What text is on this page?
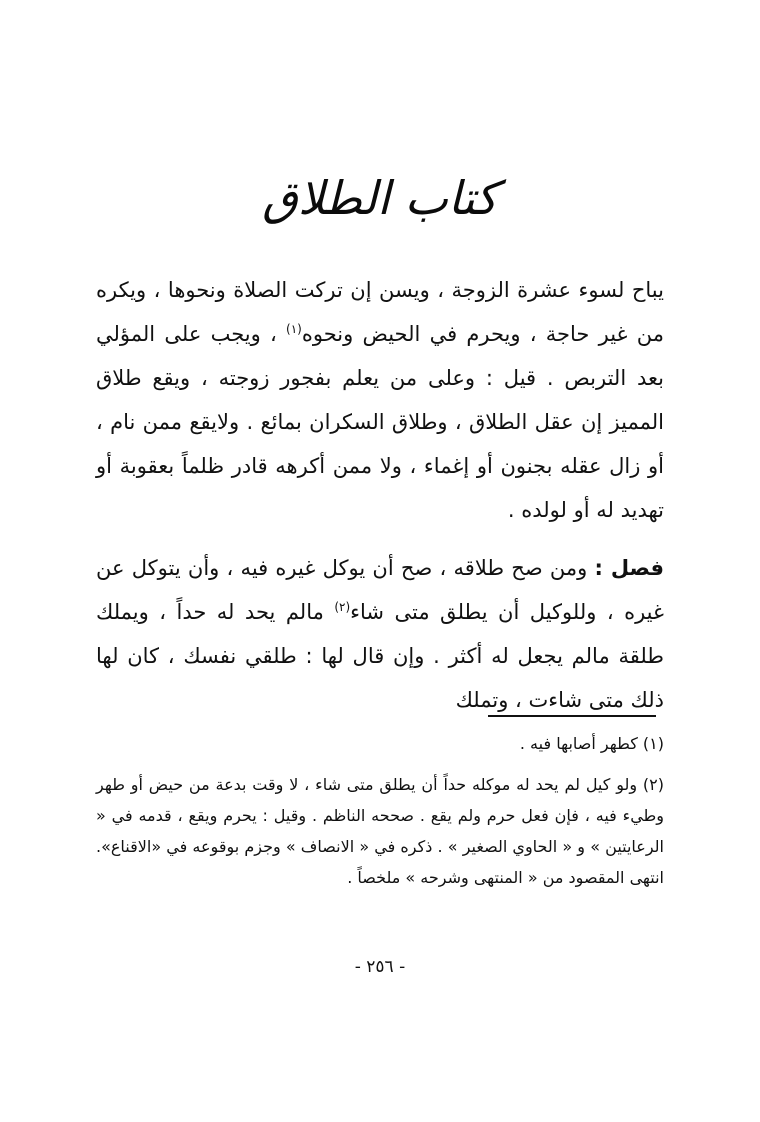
كتاب الطلاق

يباح لسوء عشرة الزوجة ، ويسن إن تركت الصلاة ونحوها ، ويكره من غير حاجة ، ويحرم في الحيض ونحوه$^{(١)}$ ، ويجب على المؤلي بعد التربص . قيل : وعلى من يعلم بفجور زوجته ، ويقع طلاق المميز إن عقل الطلاق ، وطلاق السكران بمائع . ولايقع ممن نام ، أو زال عقله بجنون أو إغماء ، ولا ممن أكرهه قادر ظلماً بعقوبة أو تهديد له أو لولده .

فصل : ومن صح طلاقه ، صح أن يوكل غيره فيه ، وأن يتوكل عن غيره ، وللوكيل أن يطلق متى شاء$^{(٢)}$ مالم يحد له حداً ، ويملك طلقة مالم يجعل له أكثر . وإن قال لها : طلقي نفسك ، كان لها ذلك متى شاءت ، وتملك

(١) كطهر أصابها فيه .

(٢) ولو كيل لم يحد له موكله حداً أن يطلق متى شاء ، لا وقت بدعة من حيض أو طهر وطيء فيه ، فإن فعل حرم ولم يقع . صححه الناظم . وقيل : يحرم ويقع ، قدمه في « الرعايتين » و « الحاوي الصغير » . ذكره في « الانصاف » وجزم بوقوعه في «الاقناع». انتهى المقصود من « المنتهى وشرحه » ملخصاً .

- ٢٥٦ -
